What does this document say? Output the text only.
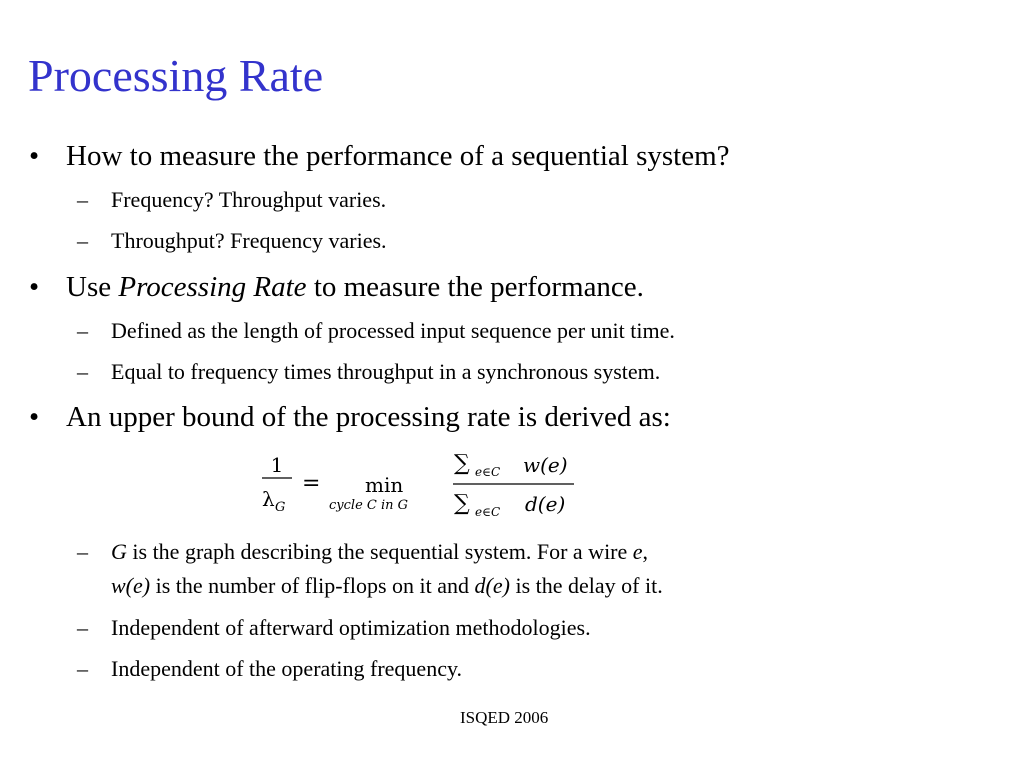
Processing Rate
• How to measure the performance of a sequential system?
– Frequency? Throughput varies.
– Throughput? Frequency varies.
• Use Processing Rate to measure the performance.
– Defined as the length of processed input sequence per unit time.
– Equal to frequency times throughput in a synchronous system.
• An upper bound of the processing rate is derived as:
1
λ G
= min
cycle C in G
∑ e∈C w(e)
∑ e∈C d(e)
– G is the graph describing the sequential system. For a wire e,
w(e) is the number of flip-flops on it and d(e) is the delay of it.
– Independent of afterward optimization methodologies.
– Independent of the operating frequency.
ISQED 2006
